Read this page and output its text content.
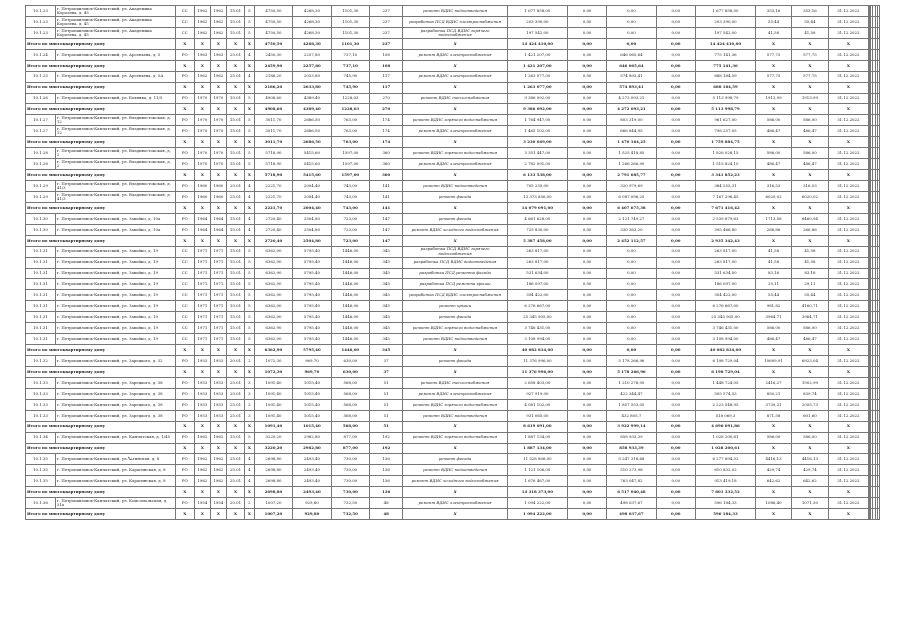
10.1.23	г. Петропавловск-Камчатский, ул. Академика Королева, д. 45	СС	1962	1962	15.01	5	4750,50	4268,30	1101,30	237	ремонт ВДИС водоотведения	1 677 858,00	0,00	0,00	0,00	1 677 858,00	353,16	353,16	31.12.2022						
10.1.23	г. Петропавловск-Камчатский, ул. Академика Королева, д. 45	СС	1962	1962	15.01	5	4750,50	4268,30	1101,30	237	разработка ПСД ВДИС электроснабжения	203 390,00	0,00	0,00	0,00	203 390,00	55,44	55,44	31.12.2022						
10.1.23	г. Петропавловск-Камчатский, ул. Академика Королева, д. 45	СС	1962	1962	15.01	5	4750,50	4268,30	1101,30	237	разработка ПСД ВДИС горячего водоснабжения	197 542,00	0,00	0,00	0,00	197 542,00	41,58	41,58	31.12.2022						
Итого по многоквартирному дому		X	X	X	X	X	4750,50	4268,30	1101,30	237	X	14 424 410,00	0,00	0,00	0,00	14 424 410,00	X	X	X						
10.1.24	г. Петропавловск-Камчатский, ул. Арсеньева, д. 5	РО	1963	1963	25.01	4	2450,30	2257,80	737,10	108	ремонт ВДИС электроснабжения	1 421 207,00	0,00	646 065,64	0,00	775 141,36	577,75	577,75	31.12.2022						
Итого по многоквартирному дому		X	X	X	X	X	2459,90	2257,80	737,10	108	X	1 421 207,00	0,00	646 065,64	0,00	775 141,36	X	X	X						
10.1.25	г. Петропавловск-Камчатский, ул. Арсеньева, д. 5А	РО	1962	1962	25.01	4	2186,20	2033,80	745,90	117	ремонт ВДИС электроснабжения	1 263 077,00	0,00	574 893,41	0,00	688 184,59	577,75	577,75	31.12.2022						
Итого по многоквартирному дому		X	X	X	X	X	2186,20	2033,80	745,90	117	X	1 263 077,00	0,00	574 893,41	0,00	688 184,59	X	X	X						
10.1.26	г. Петропавловск-Камчатский, ул. Бохняка, д. 11/5	РО	1970	1970	15.01	5	4908,60	4389,40	1228,03	270	ремонт ВДИС теплоснабжения	9 386 092,00	0,00	4 272 093,21	0,00	5 113 998,79	1913,99	1913,99	31.12.2022						
Итого по многоквартирному дому		X	X	X	X	X	4908,60	4389,40	1228,03	270	X	9 386 092,00	0,00	4 272 093,21	0,00	5 113 998,79	X	X	X						
10.1.27	г. Петропавловск-Камчатский, ул. Владивостокская, д. 12	РО	1970	1970	15.01	5	3011,70	2686,50	763,00	174	ремонт ВДИС горячего водоснабжения	1 764 947,00	0,00	803 319,00	0,00	961 627,00	586,00	586,00	31.12.2022						
10.1.27	г. Петропавловск-Камчатский, ул. Владивостокская, д. 12	РО	1970	1970	15.01	5	3011,70	2686,50	763,00	174	ремонт ВДИС электроснабжения	1 465 102,00	0,00	666 844,95	0,00	798 257,05	486,47	486,47	31.12.2022						
Итого по многоквартирному дому		X	X	X	X	X	3011,70	2686,50	763,00	174	X	3 230 049,00	0,00	1 470 164,25	0,00	1 759 884,75	X	X	X						
10.1.28	г. Петропавловск-Камчатский, ул. Владивостокская, д. 2	РО	1970	1970	15.01	5	5718,90	5415,60	1597,00	360	ремонт ВДИС горячего водоснабжения	3 351 447,00	0,00	1 525 418,85	0,00	1 826 028,15	586,00	586,00	31.12.2022						
10.1.28	г. Петропавловск-Камчатский, ул. Владивостокская, д. 2	РО	1970	1970	15.01	5	5718,90	5415,60	1597,00	360	ремонт ВДИС электроснабжения	2 782 091,00	0,00	1 266 266,90	0,00	1 515 824,10	486,47	486,47	31.12.2022						
Итого по многоквартирному дому		X	X	X	X	X	5718,90	5415,60	1597,00	360	X	6 133 538,00	0,00	2 791 685,77	0,00	3 341 852,23	X	X	X						
10.1.29	г. Петропавловск-Камчатский, ул. Владивостокская, д. 41/3	РО	1960	1960	25.01	4	2221,70	2004,40	743,00	141	ремонт ВДИС водоотведения	705 235,00	0,00	320 979,69	0,00	384 255,31	316,53	316,53	31.12.2022						
10.1.29	г. Петропавловск-Камчатский, ул. Владивостокская, д. 41/3	РО	1960	1960	25.01	4	2221,70	2004,40	743,00	141	ремонт фасада	13 373 856,00	0,00	6 087 096,25	0,00	7 167 296,45	6020,02	6020,02	31.12.2022						
Итого по многоквартирному дому		X	X	X	X	X	2221,70	2004,40	743,00	141	X	14 079 091,00	0,00	6 407 675,38	0,00	7 671 416,42	X	X	X						
10.1.30	г. Петропавловск-Камчатский, ул. Завойко, д. 10а	РО	1964	1964	15.01	4	2720,40	2504,80	723,00	147	ремонт фасада	4 661 628,00	0,00	2 121 749,27	0,00	2 539 879,63	1713,58	6460,94	31.12.2022						
10.1.30	г. Петропавловск-Камчатский, ул. Завойко, д. 10а	РО	1964	1964	15.01	4	2720,40	2504,80	723,00	147	ремонт ВДИС холодного водоснабжения	725 830,00	0,00	330 363,20	0,00	395 466,80	266,86	266,86	31.12.2022						
Итого по многоквартирному дому		X	X	X	X	X	2720,40	2504,80	723,00	147	X	5 387 458,00	0,00	2 452 112,57	0,00	2 935 342,43	X	X	X						
10.1.31	г. Петропавловск-Камчатский, ул. Завойко, д. 19	СС	1971	1971	15.01	5	6362,90	5795,40	1446,00	345	разработка ПСД ВДИС горячего водоснабжения	263 817,00	0,00	0,00	0,00	263 817,00	41,58	41,58	31.12.2022						
10.1.31	г. Петропавловск-Камчатский, ул. Завойко, д. 19	СС	1971	1971	15.01	5	6362,90	5795,40	1446,00	345	разработка ПСД ВДИС водоотведения	263 817,00	0,00	0,00	0,00	263 817,00	41,58	41,58	31.12.2022						
10.1.31	г. Петропавловск-Камчатский, ул. Завойко, д. 19	СС	1971	1971	15.01	5	6362,90	5795,40	1446,00	345	разработка ПСД ремонта фасада	531 634,00	0,00	0,00	0,00	531 634,00	83,16	83,16	31.12.2022						
10.1.31	г. Петропавловск-Камчатский, ул. Завойко, д. 19	СС	1971	1971	15.01	5	6362,90	5795,40	1446,00	345	разработка ПСД ремонта крыши	186 097,00	0,00	0,00	0,00	186 097,00	29,11	29,11	31.12.2022						
10.1.31	г. Петропавловск-Камчатский, ул. Завойко, д. 19	СС	1971	1971	15.01	5	6362,90	5795,40	1446,00	345	разработка ПСД ВДИС электроснабжения	354 422,00	0,00	0,00	0,00	354 422,00	55,44	55,44	31.12.2022						
10.1.31	г. Петропавловск-Камчатский, ул. Завойко, д. 19	СС	1971	1971	15.01	5	6362,90	5795,40	1446,00	345	ремонт крыши	6 276 667,00	0,00	0,00	0,00	6 276 667,00	981,82	4160,71	31.12.2022						
10.1.31	г. Петропавловск-Камчатский, ул. Завойко, д. 19	СС	1971	1971	15.01	5	6362,90	5795,40	1446,00	345	ремонт фасада	25 345 905,00	0,00	0,00	0,00	25 345 905,00	3964,71	3964,71	31.12.2022						
10.1.31	г. Петропавловск-Камчатский, ул. Завойко, д. 19	СС	1971	1971	15.01	5	6362,90	5795,40	1446,00	345	ремонт ВДИС горячего водоснабжения	3 746 431,00	0,00	0,00	0,00	3 746 431,00	586,00	586,00	31.12.2022						
10.1.31	г. Петропавловск-Камчатский, ул. Завойко, д. 19	СС	1971	1971	15.01	5	6362,90	5795,40	1446,00	345	ремонт ВДИС водоотведения	3 108 994,00	0,00	0,00	0,00	3 108 994,00	486,47	486,47	31.12.2022						
Итого по многоквартирному дому		X	X	X	X	X	6362,90	5795,40	1446,00	345	X	40 082 834,00	0,00	0,00	0,00	40 082 834,00	X	X	X						
10.1.32	г. Петропавловск-Камчатский, ул. Зарецкого, д. 32	РО	1953	1953	20.01	2	1072,30	969,70	630,00	37	ремонт фасада	11 376 996,00	0,00	5 178 266,96	0,00	6 198 729,04	10609,91	6923,04	31.12.2022						
Итого по многоквартирному дому		X	X	X	X	X	1072,30	969,70	630,00	37	X	11 376 996,00	0,00	5 178 266,96	0,00	6 198 729,04	X	X	X						
10.1.33	г. Петропавловск-Камчатский, ул. Зарецкого, д. 38	РО	1953	1953	25.01	3	1091,40	1015,40	568,00	51	ремонт ВДИС теплоснабжения	2 658 403,00	0,00	1 210 278,95	0,00	1 448 724,05	2416,27	1902,99	31.12.2022						
10.1.33	г. Петропавловск-Камчатский, ул. Зарецкого, д. 38	РО	1953	1953	25.01	3	1091,40	1015,40	568,00	51	ремонт ВДИС электроснабжения	927 919,00	0,00	422 344,47	0,00	505 574,53	850,21	839,74	31.12.2022						
10.1.33	г. Петропавловск-Камчатский, ул. Зарецкого, д. 38	РО	1953	1953	25.01	3	1091,40	1015,40	568,00	51	ремонт ВДИС горячего водоснабжения	4 081 102,00	0,00	1 857 553,05	0,00	2 223 548,95	3739,31	2055,73	31.12.2022						
10.1.33	г. Петропавловск-Камчатский, ул. Зарецкого, д. 38	РО	1953	1953	25.01	3	1091,40	1015,40	568,00	51	ремонт ВДИС водоотведения	931 065,00	0,00	432 805,7	0,00	518 069,3	871,58	601,60	31.12.2022						
Итого по многоквартирному дому		X	X	X	X	X	1091,40	1015,40	568,00	51	X	8 619 091,00	0,00	3 922 999,14	0,00	4 696 091,86	X	X	X						
10.1.34	г. Петропавловск-Камчатский, ул. Камчатская, д. 1/45	РО	1962	1962	15.01	5	3220,20	2982,80	877,00	192	ремонт ВДИС горячего водоснабжения	1 887 134,00	0,00	858 933,39	0,00	1 028 200,61	586,00	586,00	31.12.2022						
Итого по многоквартирному дому		X	X	X	X	X	3220,20	2982,80	877,00	192	X	1 887 134,00	0,00	858 933,39	0,00	1 028 200,61	X	X	X						
10.1.35	г. Петропавловск-Камчатский, ул.ካራгинская, д. 8	РО	1962	1962	25.01	4	2698,80	2493,40	730,00	136	ремонт фасада	11 528 806,00	0,00	5 247 318,68	0,00	6 277 894,32	4416,13	4416,13	31.12.2022						
10.1.35	г. Петропавловск-Камчатский, ул. Карагинская, д. 8	РО	1962	1962	25.01	4	2698,80	2493,40	730,00	136	ремонт ВДИС водоотведения	1 121 106,00	0,00	510 273,98	0,00	610 832,02	429,74	429,74	31.12.2022						
10.1.35	г. Петропавловск-Камчатский, ул. Карагинская, д. 8	РО	1962	1962	25.01	4	2698,80	2493,40	730,00	136	ремонт ВДИС холодного водоснабжения	1 676 467,00	0,00	763 047,82	0,00	913 419,18	642,62	642,62	31.12.2022						
Итого по многоквартирному дому		X	X	X	X	X	2698,80	2493,40	730,00	136	X	14 318 373,00	0,00	6 517 040,48	0,00	7 801 332,52	X	X	X						
10.1.36	г. Петропавловск-Камчатский, ул. Комсомольская, д. 31а	РО	1954	1954	20.01	2	1007,20	929,80	732,50	48	ремонт ВДИС электроснабжения	1 094 222,00	0,00	498 037,67	0,00	596 184,33	1086,40	1071,30	31.12.2022						
Итого по многоквартирному дому		X	X	X	X	X	1007,20	929,80	732,50	48	X	1 094 222,00	0,00	498 037,67	0,00	596 184,33	X	X	X						
